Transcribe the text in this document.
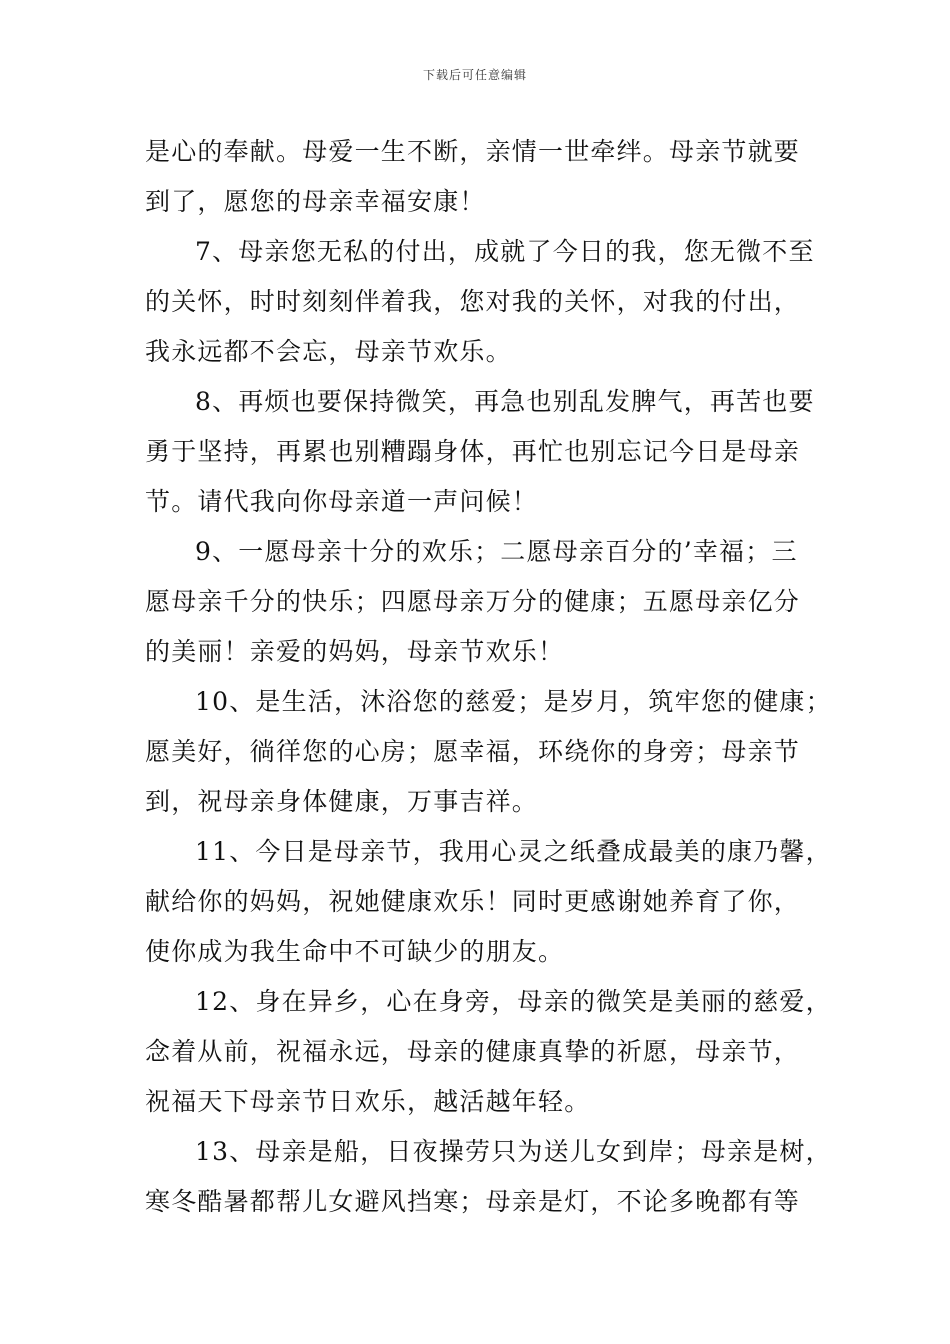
下载后可任意编辑
是心的奉献。母爱一生不断，亲情一世牵绊。母亲节就要
到了，愿您的母亲幸福安康！
7、母亲您无私的付出，成就了今日的我，您无微不至
的关怀，时时刻刻伴着我，您对我的关怀，对我的付出，
我永远都不会忘，母亲节欢乐。
8、再烦也要保持微笑，再急也别乱发脾气，再苦也要
勇于坚持，再累也别糟蹋身体，再忙也别忘记今日是母亲
节。请代我向你母亲道一声问候！
9、一愿母亲十分的欢乐；二愿母亲百分的’幸福；三
愿母亲千分的快乐；四愿母亲万分的健康；五愿母亲亿分
的美丽！亲爱的妈妈，母亲节欢乐！
10、是生活，沐浴您的慈爱；是岁月，筑牢您的健康；
愿美好，徜徉您的心房；愿幸福，环绕你的身旁；母亲节
到，祝母亲身体健康，万事吉祥。
11、今日是母亲节，我用心灵之纸叠成最美的康乃馨，
献给你的妈妈，祝她健康欢乐！同时更感谢她养育了你，
使你成为我生命中不可缺少的朋友。
12、身在异乡，心在身旁，母亲的微笑是美丽的慈爱，
念着从前，祝福永远，母亲的健康真挚的祈愿，母亲节，
祝福天下母亲节日欢乐，越活越年轻。
13、母亲是船，日夜操劳只为送儿女到岸；母亲是树，
寒冬酷暑都帮儿女避风挡寒；母亲是灯，不论多晚都有等
